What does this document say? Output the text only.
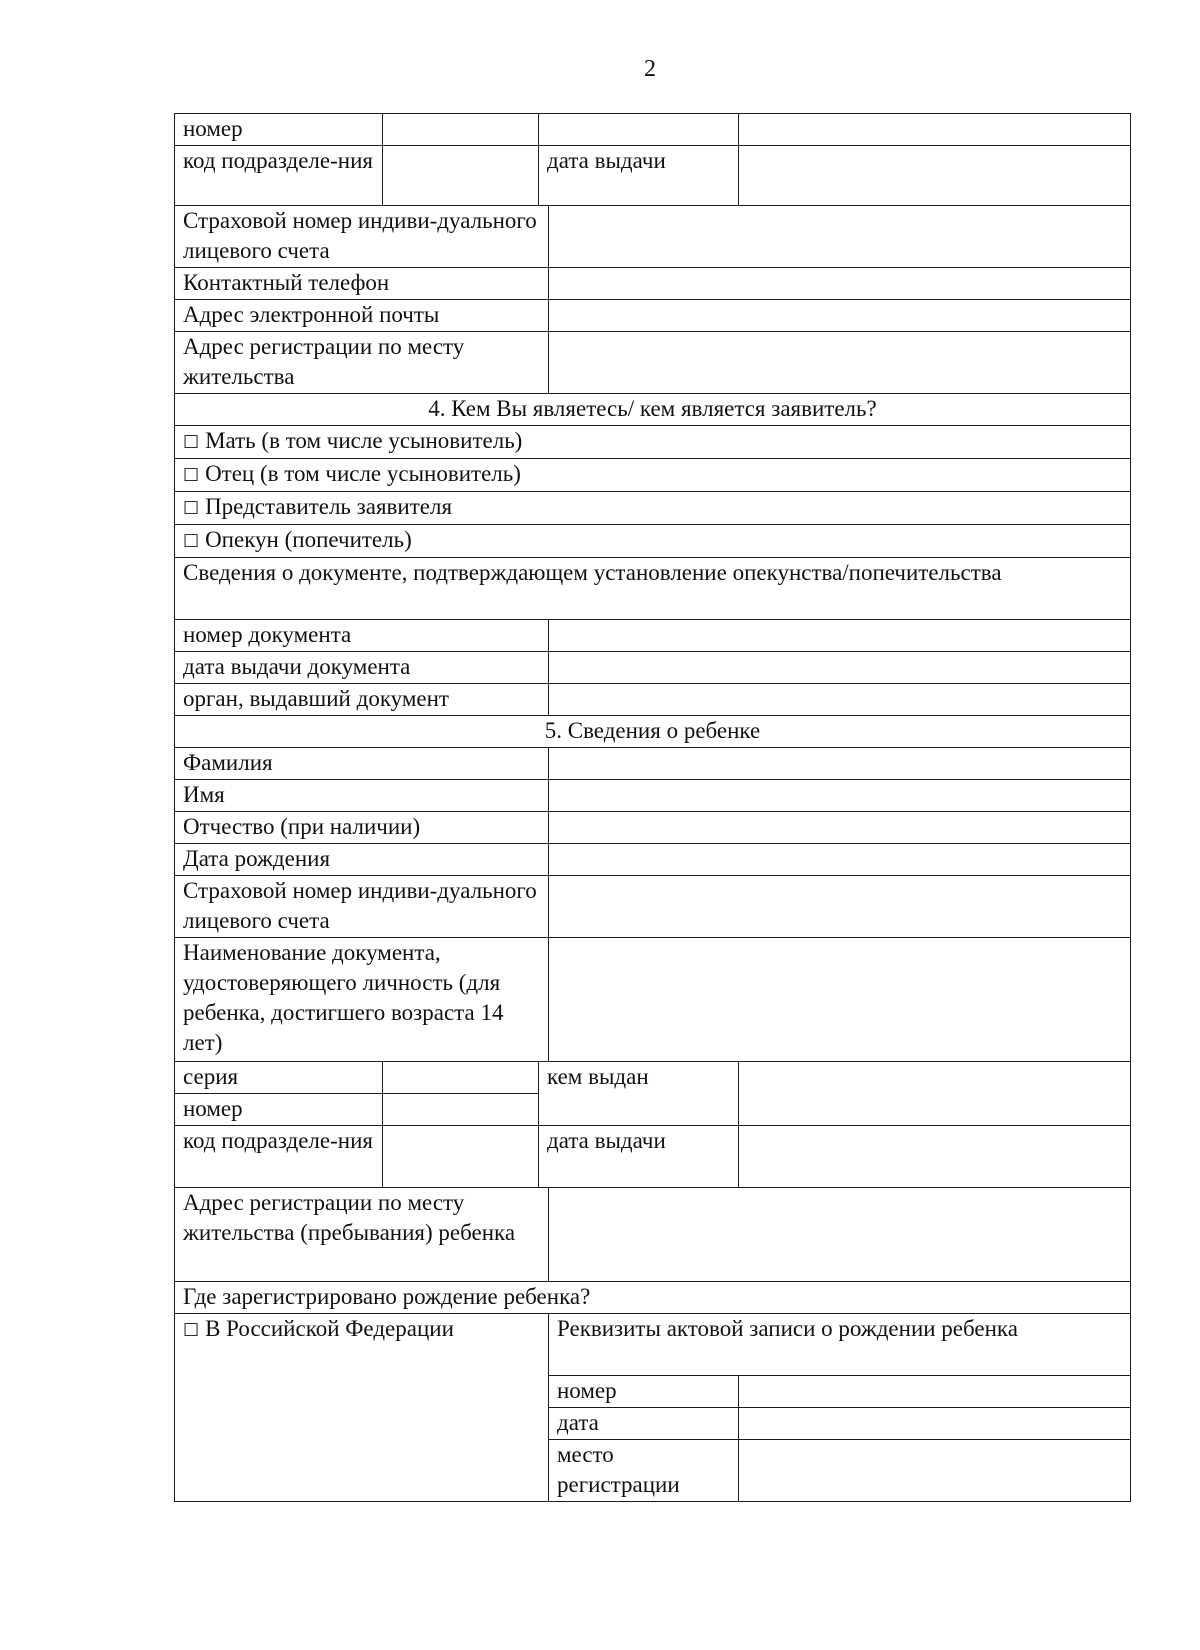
2
номер				
код подразделе-ния		дата выдачи		
Страховой номер индиви-дуального лицевого счета				
Контактный телефон				
Адрес электронной почты				
Адрес регистрации по месту жительства				
4. Кем Вы являетесь/ кем является заявитель?				
□ Мать (в том числе усыновитель)				
□ Отец (в том числе усыновитель)				
□ Представитель заявителя				
□ Опекун (попечитель)				
Сведения о документе, подтверждающем установление опекунства/попечительства				
номер документа				
дата выдачи документа				
орган, выдавший документ				
5. Сведения о ребенке				
Фамилия				
Имя				
Отчество (при наличии)				
Дата рождения				
Страховой номер индиви-дуального лицевого счета				
Наименование документа, удостоверяющего личность (для ребенка, достигшего возраста 14 лет)				
серия		кем выдан		
номер				
код подразделе-ния		дата выдачи		
Адрес регистрации по месту жительства (пребывания) ребенка				
Где зарегистрировано рождение ребенка?				
□ В Российской Федерации			Реквизиты актовой записи о рождении ребенка	
			номер	
			дата	
			место регистрации	
